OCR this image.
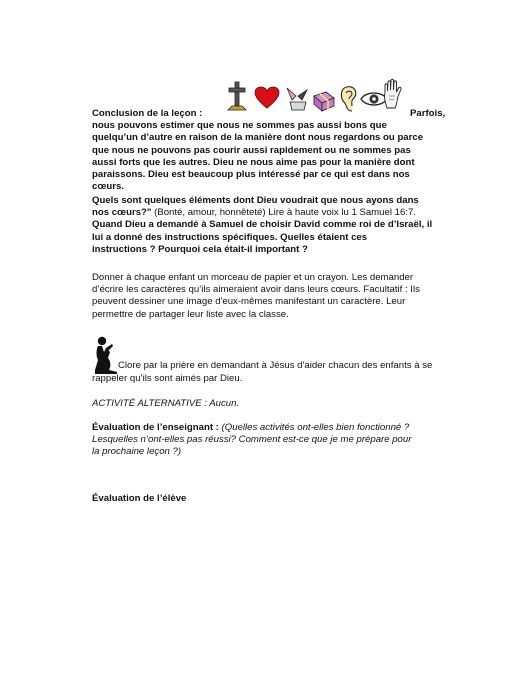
Conclusion de la leçon :
nous pouvons estimer que nous ne sommes pas aussi bons que
quelqu’un d’autre en raison de la manière dont nous regardons ou parce
que nous ne pouvons pas courir aussi rapidement ou ne sommes pas
aussi forts que les autres. Dieu ne nous aime pas pour la manière dont
paraissons. Dieu est beaucoup plus intéressé par ce qui est dans nos
cœurs.
Parfois,
Quels sont quelques éléments dont Dieu voudrait que nous ayons dans
nos cœurs?" (Bonté, amour, honnêteté) Lire à haute voix lu 1 Samuel 16:7.
Quand Dieu a demandé à Samuel de choisir David comme roi de d’Israël, il
lui a donné des instructions spécifiques. Quelles étaient ces
instructions ? Pourquoi cela était-il important ?
Donner à chaque enfant un morceau de papier et un crayon. Les demander
d’écrire les caractères qu’ils aimeraient avoir dans leurs cœurs. Facultatif : Ils
peuvent dessiner une image d'eux-mêmes manifestant un caractère. Leur
permettre de partager leur liste avec la classe.
Clore par la prière en demandant à Jésus d'aider chacun des enfants à se
rappeler qu’ils sont aimés par Dieu.
ACTIVITÉ ALTERNATIVE : Aucun.
Évaluation de l’enseignant : (Quelles activités ont-elles bien fonctionné ?
Lesquelles n’ont-elles pas réussi? Comment est-ce que je me prépare pour
la prochaine leçon ?)
Évaluation de l’élève
